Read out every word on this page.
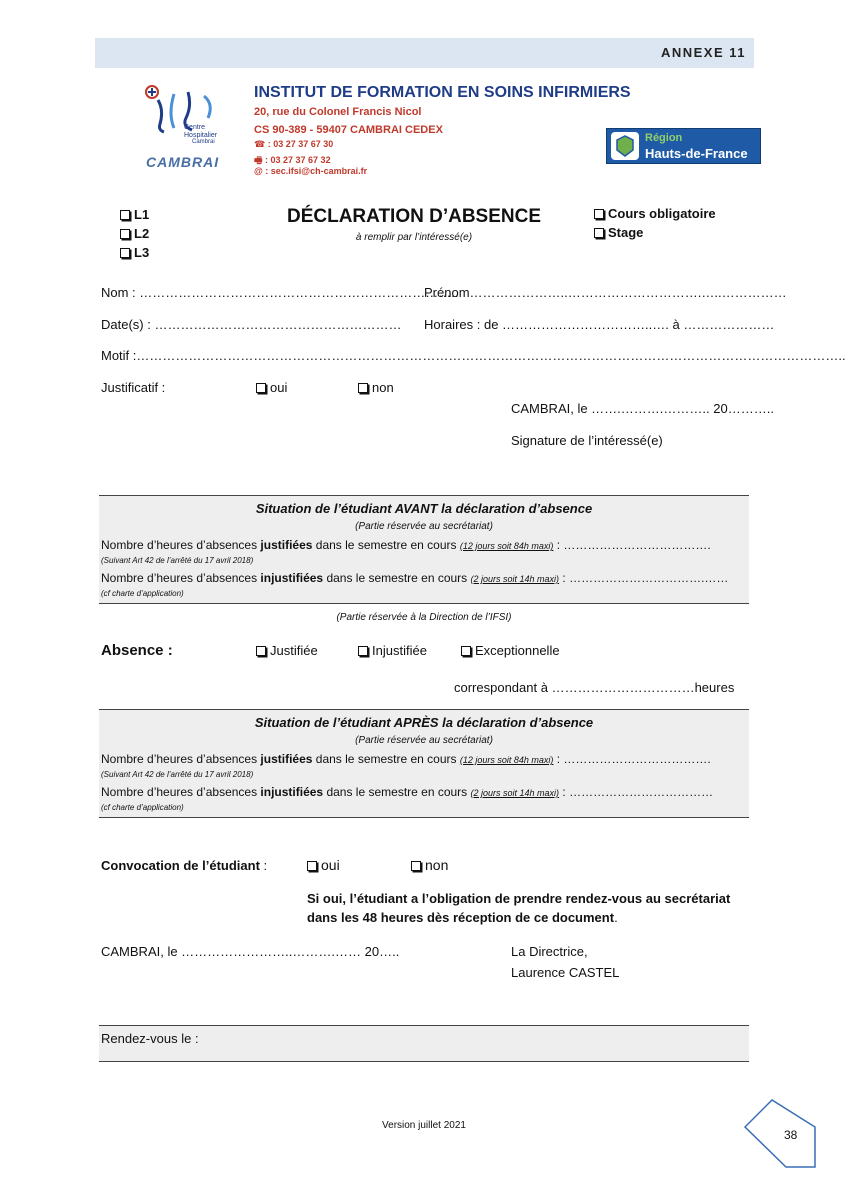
ANNEXE 11
Centre
Hospitalier
Cambrai
CAMBRAI
INSTITUT DE FORMATION EN SOINS INFIRMIERS
20, rue du Colonel Francis Nicol
CS 90-389 - 59407 CAMBRAI CEDEX
☎ : 03 27 37 67 30
🖷 : 03 27 37 67 32
@ : sec.ifsi@ch-cambrai.fr
Région
Hauts-de-France
L1
L2
L3
DÉCLARATION D’ABSENCE
à remplir par l’intéressé(e)
Cours obligatoire
Stage
Nom : ………………………………………………………………..
Prénom…………………..………………………….…..……………
Date(s) : ………………………………………………… Horaires : de ……………………………..…. à …………………
Motif :………………………………………………………………………………………………………………………………………………..
Justificatif :	oui	non
CAMBRAI, le …….……….……….. 20………..
Signature de l’intéressé(e)
Situation de l’étudiant AVANT la déclaration d’absence
(Partie réservée au secrétariat)
Nombre d’heures d’absences justifiées dans le semestre en cours (12 jours soit 84h maxi) : ……………………………….
(Suivant Art 42 de l’arrêté du 17 avril 2018)
Nombre d’heures d’absences injustifiées dans le semestre en cours (2 jours soit 14h maxi) : …………………………….……
(cf charte d’application)
(Partie réservée à la Direction de l’IFSI)
Absence :	Justifiée	Injustifiée	Exceptionnelle
correspondant à ……………………………heures
Situation de l’étudiant APRÈS la déclaration d’absence
(Partie réservée au secrétariat)
Nombre d’heures d’absences justifiées dans le semestre en cours (12 jours soit 84h maxi) : ……………………………….
(Suivant Art 42 de l’arrêté du 17 avril 2018)
Nombre d’heures d’absences injustifiées dans le semestre en cours (2 jours soit 14h maxi) : ………………………………
(cf charte d’application)
Convocation de l’étudiant :	oui	non
Si oui, l’étudiant a l’obligation de prendre rendez-vous au secrétariat
dans les 48 heures dès réception de ce document.
CAMBRAI, le ……………………..……….…… 20…..	La Directrice,
Laurence CASTEL
Rendez-vous le :
Version juillet 2021
38
